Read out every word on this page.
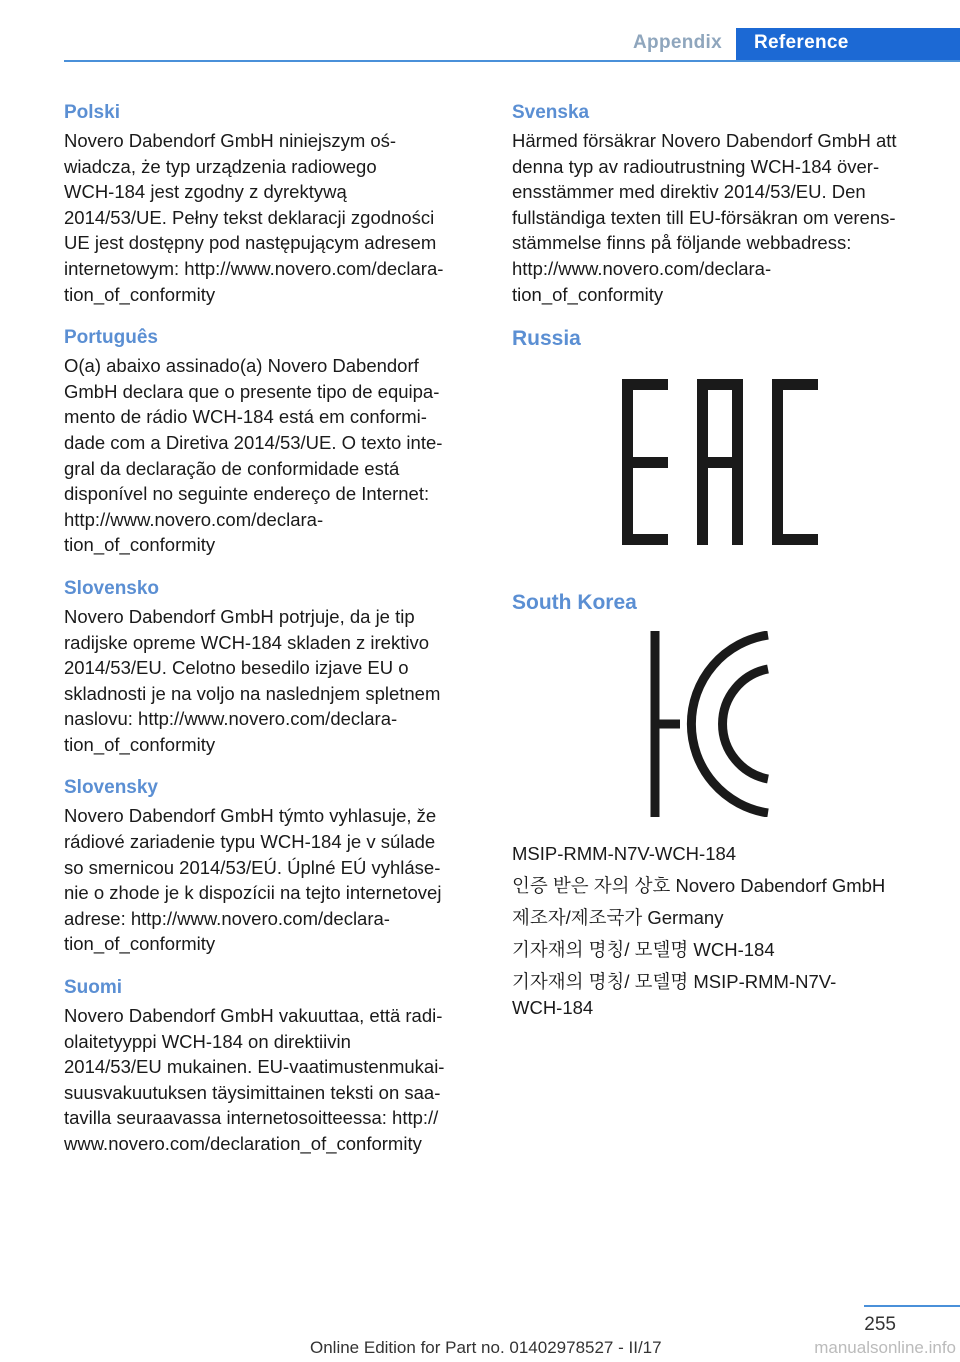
Appendix	Reference
Polski

Novero Dabendorf GmbH niniejszym oś-
wiadcza, że typ urządzenia radiowego
WCH-184 jest zgodny z dyrektywą
2014/53/UE. Pełny tekst deklaracji zgodności
UE jest dostępny pod następującym adresem
internetowym: http://www.novero.com/declara-
tion_of_conformity

Português

O(a) abaixo assinado(a) Novero Dabendorf
GmbH declara que o presente tipo de equipa-
mento de rádio WCH-184 está em conformi-
dade com a Diretiva 2014/53/UE. O texto inte-
gral da declaração de conformidade está
disponível no seguinte endereço de Internet:
http://www.novero.com/declara-
tion_of_conformity

Slovensko

Novero Dabendorf GmbH potrjuje, da je tip
radijske opreme WCH-184 skladen z irektivo
2014/53/EU. Celotno besedilo izjave EU o
skladnosti je na voljo na naslednjem spletnem
naslovu: http://www.novero.com/declara-
tion_of_conformity

Slovensky

Novero Dabendorf GmbH týmto vyhlasuje, že
rádiové zariadenie typu WCH-184 je v súlade
so smernicou 2014/53/EÚ. Úplné EÚ vyhláse-
nie o zhode je k dispozícii na tejto internetovej
adrese: http://www.novero.com/declara-
tion_of_conformity

Suomi

Novero Dabendorf GmbH vakuuttaa, että radi-
olaitetyyppi WCH-184 on direktiivin
2014/53/EU mukainen. EU-vaatimustenmukai-
suusvakuutuksen täysimittainen teksti on saa-
tavilla seuraavassa internetosoitteessa: http://
www.novero.com/declaration_of_conformity

Svenska

Härmed försäkrar Novero Dabendorf GmbH att
denna typ av radioutrustning WCH-184 över-
ensstämmer med direktiv 2014/53/EU. Den
fullständiga texten till EU-försäkran om verens-
stämmelse finns på följande webbadress:
http://www.novero.com/declara-
tion_of_conformity

Russia
South Korea

MSIP-RMM-N7V-WCH-184

인증 받은 자의 상호 Novero Dabendorf GmbH

제조자/제조국가 Germany

기자재의 명칭/ 모델명 WCH-184

기자재의 명칭/ 모델명 MSIP-RMM-N7V-
WCH-184

255
Online Edition for Part no. 01402978527 - II/17	manualsonline.info
